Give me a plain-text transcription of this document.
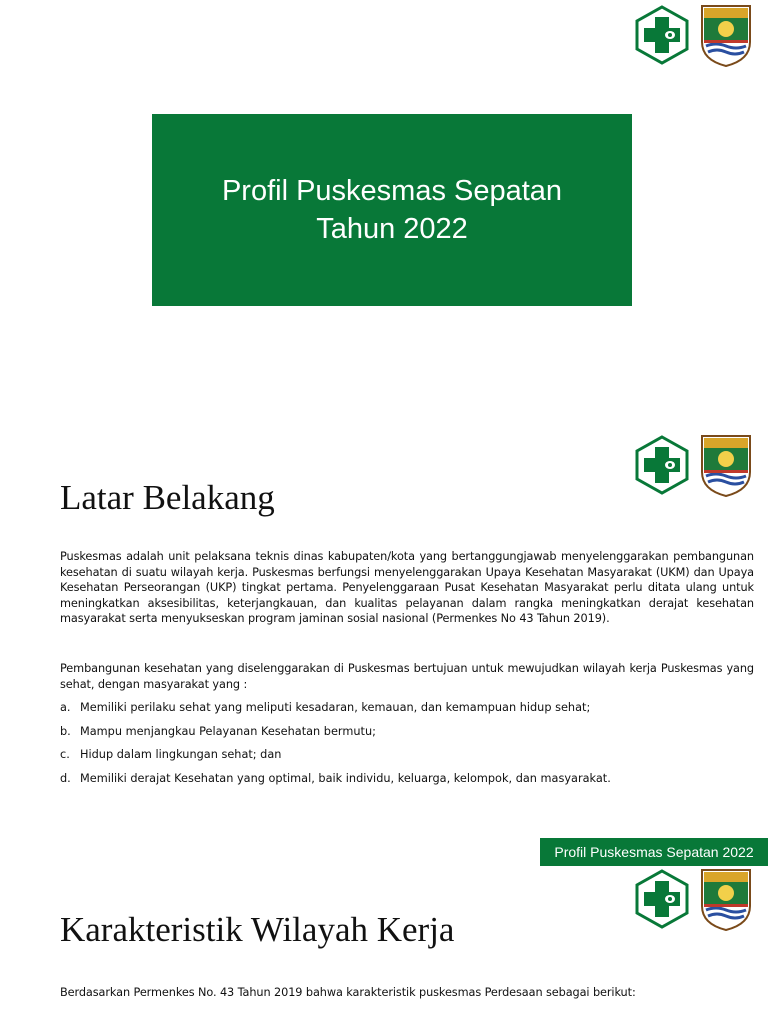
Profil Puskesmas Sepatan
Tahun 2022
Latar Belakang

Puskesmas adalah unit pelaksana teknis dinas kabupaten/kota yang bertanggungjawab menyelenggarakan pembangunan kesehatan di suatu wilayah kerja. Puskesmas berfungsi menyelenggarakan Upaya Kesehatan Masyarakat (UKM) dan Upaya Kesehatan Perseorangan (UKP) tingkat pertama. Penyelenggaraan Pusat Kesehatan Masyarakat perlu ditata ulang untuk meningkatkan aksesibilitas, keterjangkauan, dan kualitas pelayanan dalam rangka meningkatkan derajat kesehatan masyarakat serta menyukseskan program jaminan sosial nasional (Permenkes No 43 Tahun 2019).

Pembangunan kesehatan yang diselenggarakan di Puskesmas bertujuan untuk mewujudkan wilayah kerja Puskesmas yang sehat, dengan masyarakat yang :

a. Memiliki perilaku sehat yang meliputi kesadaran, kemauan, dan kemampuan hidup sehat;
b. Mampu menjangkau Pelayanan Kesehatan bermutu;
c. Hidup dalam lingkungan sehat; dan
d. Memiliki derajat Kesehatan yang optimal, baik individu, keluarga, kelompok, dan masyarakat.
Profil Puskesmas Sepatan 2022
Karakteristik Wilayah Kerja

Berdasarkan Permenkes No. 43 Tahun 2019 bahwa karakteristik puskesmas Perdesaan sebagai berikut:
